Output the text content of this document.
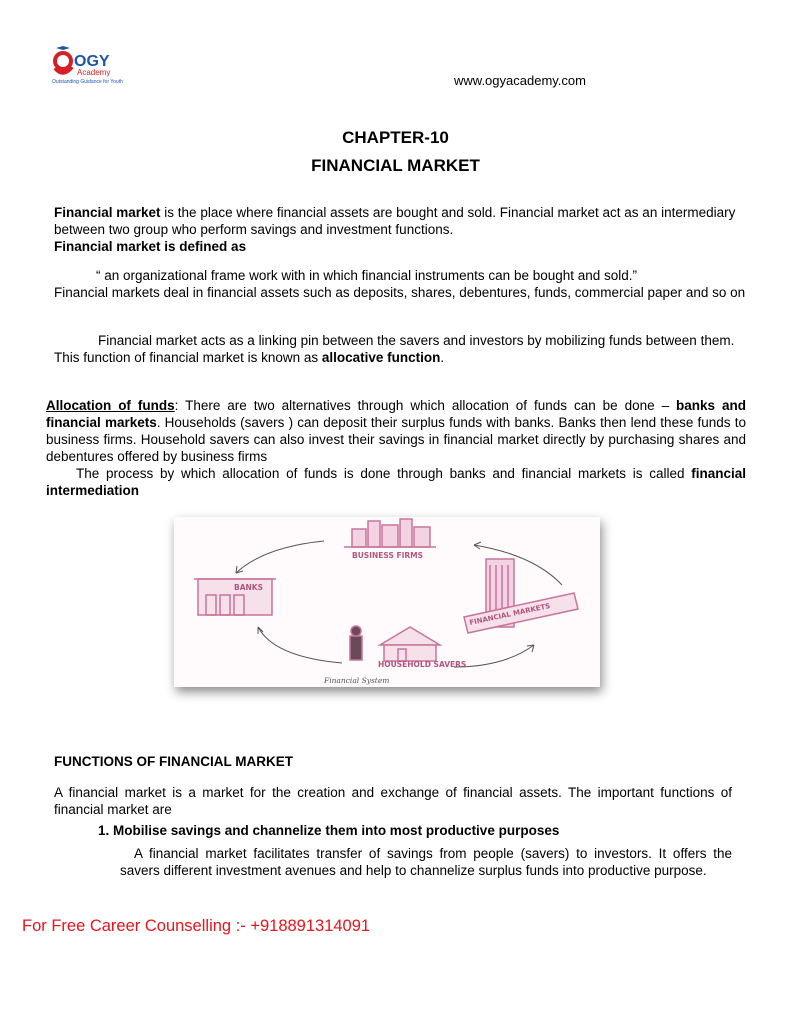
OGY
Academy
Outstanding Guidance for Youth	www.ogyacademy.com
CHAPTER-10
FINANCIAL MARKET
Financial market is the place where financial assets are bought and sold. Financial market act as an intermediary between two group who perform savings and investment functions.
Financial market is defined as
“ an organizational frame work with in which financial instruments can be bought and sold.”
Financial markets deal in financial assets such as deposits, shares, debentures, funds, commercial paper and so on
Financial market acts as a linking pin between the savers and investors by mobilizing funds between them. This function of financial market is known as allocative function.
Allocation of funds: There are two alternatives through which allocation of funds can be done – banks and financial markets. Households (savers ) can deposit their surplus funds with banks. Banks then lend these funds to business firms. Household savers can also invest their savings in financial market directly by purchasing shares and debentures offered by business firms
The process by which allocation of funds is done through banks and financial markets is called financial intermediation
BUSINESS FIRMS
BANKS
FINANCIAL MARKETS
HOUSEHOLD SAVERS
Financial System
FUNCTIONS OF FINANCIAL MARKET
A financial market is a market for the creation and exchange of financial assets. The important functions of financial market are
1. Mobilise savings and channelize them into most productive purposes
A financial market facilitates transfer of savings from people (savers) to investors. It offers the savers different investment avenues and help to channelize surplus funds into productive purpose.
For Free Career Counselling :- +918891314091
